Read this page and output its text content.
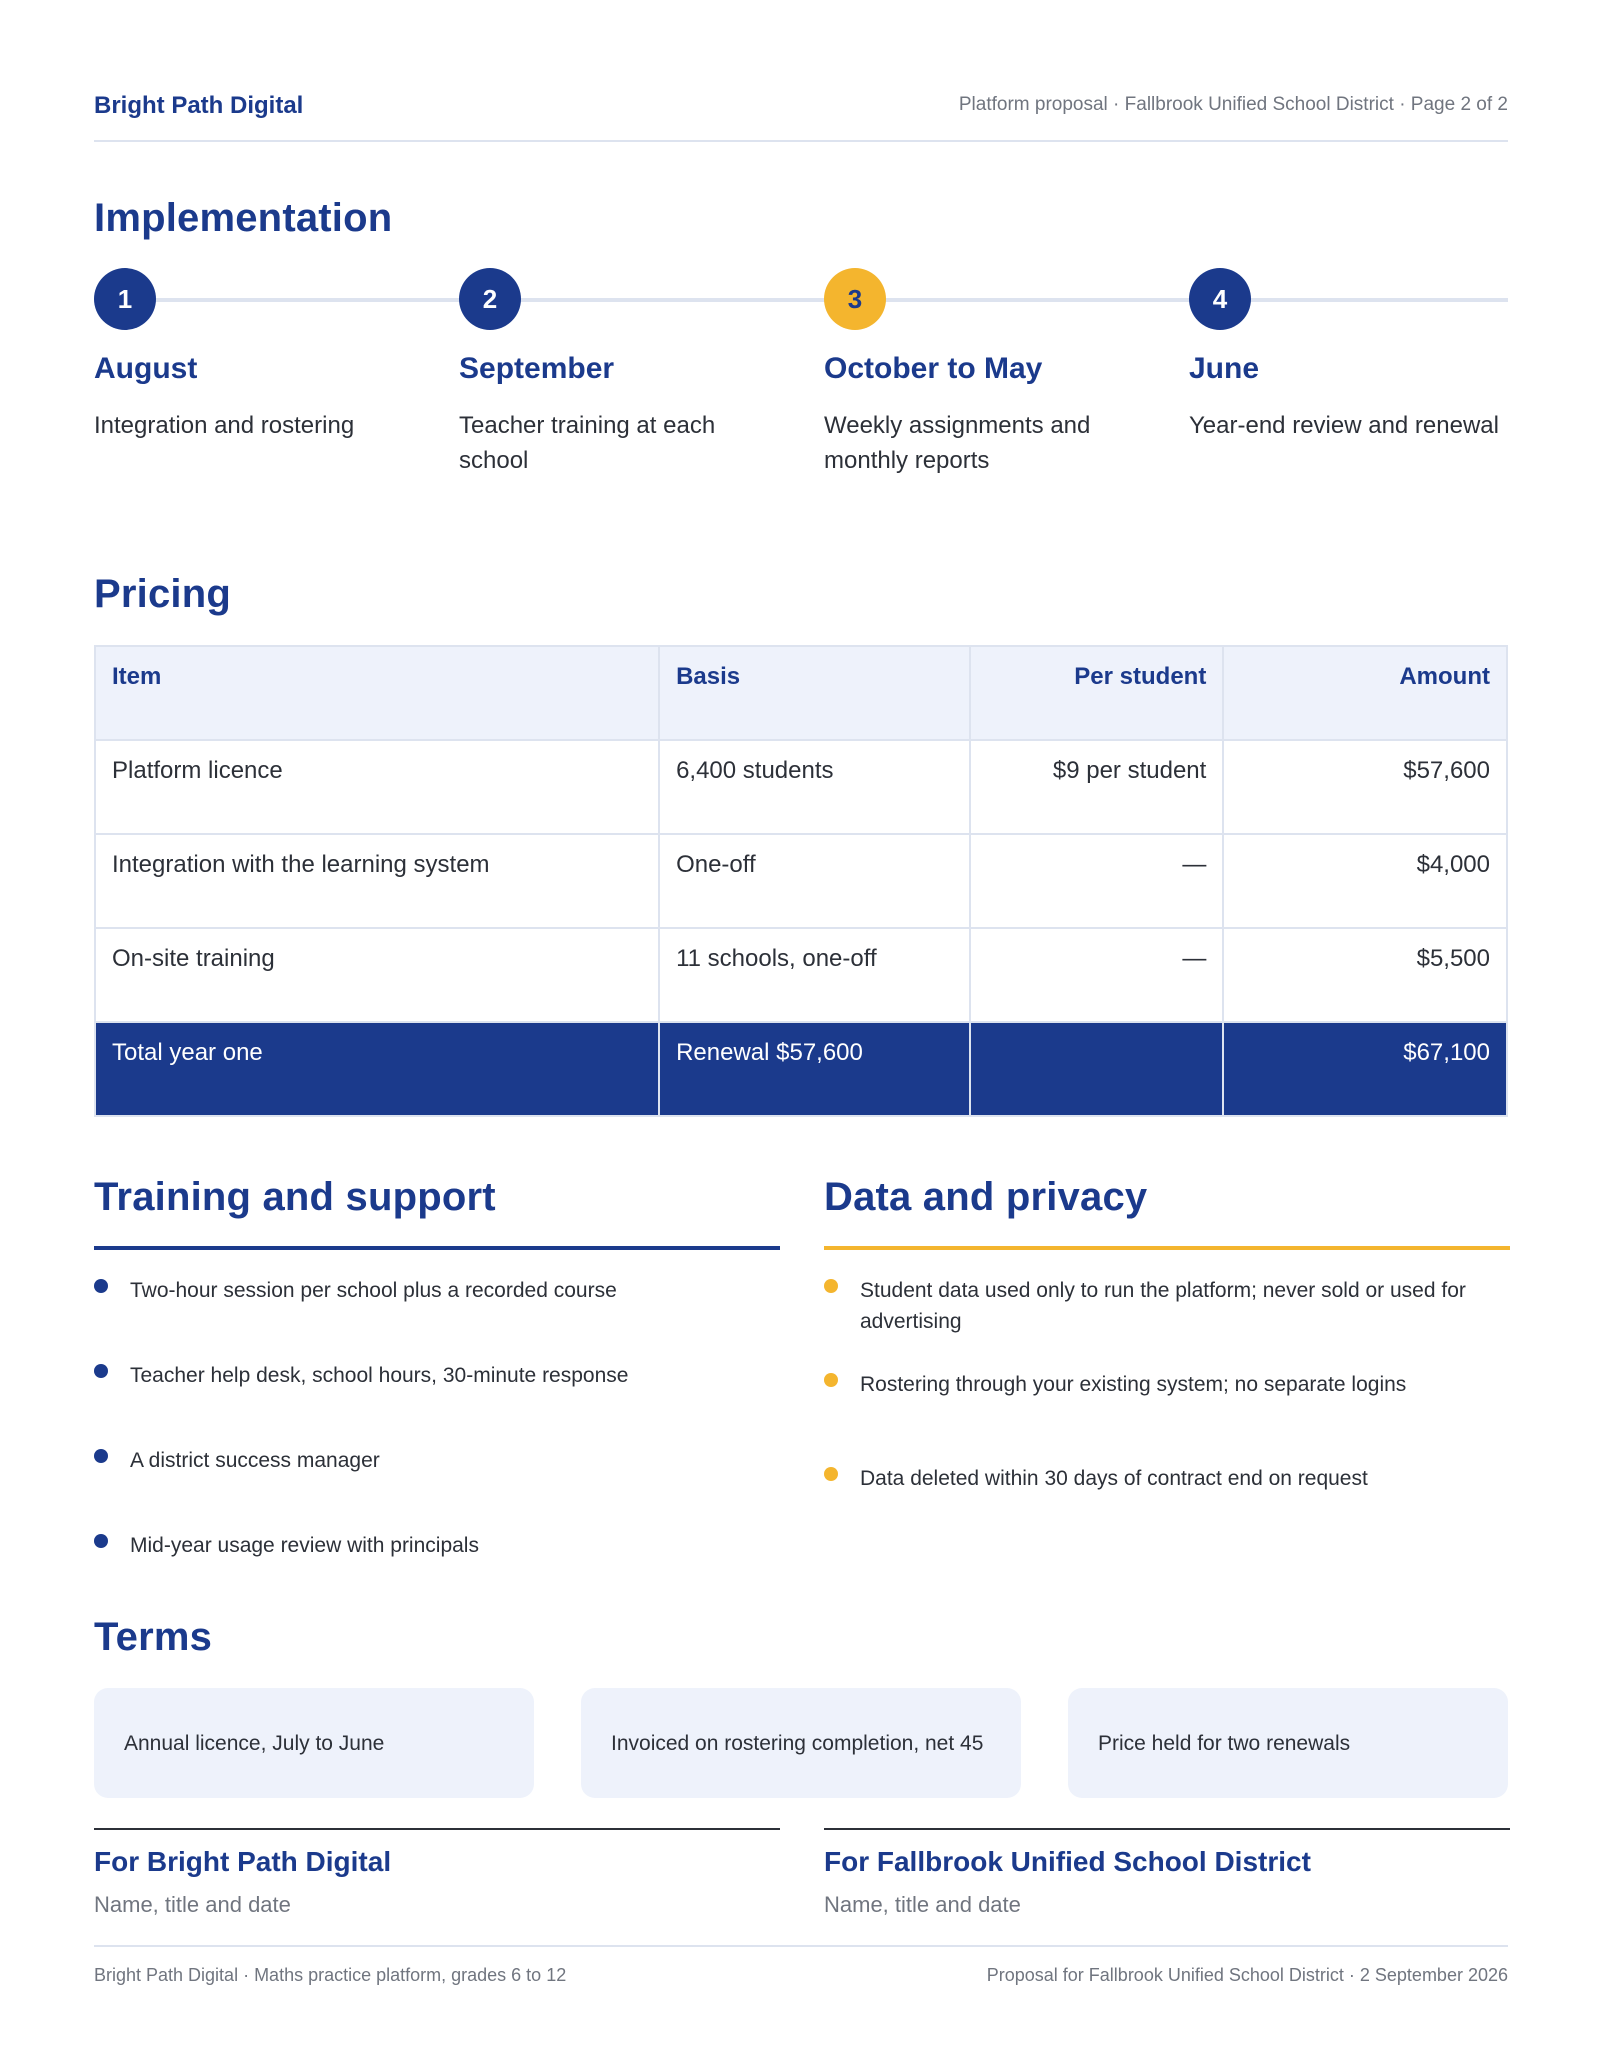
Bright Path Digital	Platform proposal · Fallbrook Unified School District · Page 2 of 2
Implementation
1
August
Integration and rostering
2
September
Teacher training at each school
3
October to May
Weekly assignments and monthly reports
4
June
Year-end review and renewal
Pricing
Item	Basis	Per student	Amount
Platform licence	6,400 students	$9 per student	$57,600
Integration with the learning system	One-off	—	$4,000
On-site training	11 schools, one-off	—	$5,500
Total year one	Renewal $57,600		$67,100
Training and support
Two-hour session per school plus a recorded course
Teacher help desk, school hours, 30-minute response
A district success manager
Mid-year usage review with principals
Data and privacy
Student data used only to run the platform; never sold or used for advertising
Rostering through your existing system; no separate logins
Data deleted within 30 days of contract end on request
Terms
Annual licence, July to June	Invoiced on rostering completion, net 45	Price held for two renewals
For Bright Path Digital
Name, title and date
For Fallbrook Unified School District
Name, title and date
Bright Path Digital · Maths practice platform, grades 6 to 12	Proposal for Fallbrook Unified School District · 2 September 2026
